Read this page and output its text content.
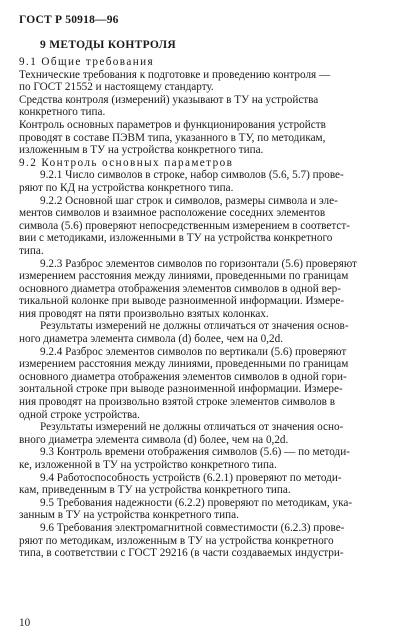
ГОСТ Р 50918—96
9 МЕТОДЫ КОНТРОЛЯ
9.1 Общие требования
Технические требования к подготовке и проведению контроля —
по ГОСТ 21552 и настоящему стандарту.
Средства контроля (измерений) указывают в ТУ на устройства
конкретного типа.
Контроль основных параметров и функционирования устройств
проводят в составе ПЭВМ типа, указанного в ТУ, по методикам,
изложенным в ТУ на устройства конкретного типа.
9.2 Контроль основных параметров
9.2.1 Число символов в строке, набор символов (5.6, 5.7) прове-
ряют по КД на устройства конкретного типа.
9.2.2 Основной шаг строк и символов, размеры символа и эле-
ментов символов и взаимное расположение соседних элементов
символа (5.6) проверяют непосредственным измерением в соответст-
вии с методиками, изложенными в ТУ на устройства конкретного
типа.
9.2.3 Разброс элементов символов по горизонтали (5.6) проверяют
измерением расстояния между линиями, проведенными по границам
основного диаметра отображения элементов символов в одной вер-
тикальной колонке при выводе разноименной информации. Измере-
ния проводят на пяти произвольно взятых колонках.
Результаты измерений не должны отличаться от значения основ-
ного диаметра элемента символа (d) более, чем на 0,2d.
9.2.4 Разброс элементов символов по вертикали (5.6) проверяют
измерением расстояния между линиями, проведенными по границам
основного диаметра отображения элементов символов в одной гори-
зонтальной строке при выводе разноименной информации. Измере-
ния проводят на произвольно взятой строке элементов символов в
одной строке устройства.
Результаты измерений не должны отличаться от значения осно-
вного диаметра элемента символа (d) более, чем на 0,2d.
9.3 Контроль времени отображения символов (5.6) — по методи-
ке, изложенной в ТУ на устройство конкретного типа.
9.4 Работоспособность устройств (6.2.1) проверяют по методи-
кам, приведенным в ТУ на устройства конкретного типа.
9.5 Требования надежности (6.2.2) проверяют по методикам, ука-
занным в ТУ на устройства конкретного типа.
9.6 Требования электромагнитной совместимости (6.2.3) прове-
ряют по методикам, изложенным в ТУ на устройства конкретного
типа, в соответствии с ГОСТ 29216 (в части создаваемых индустри-
10
